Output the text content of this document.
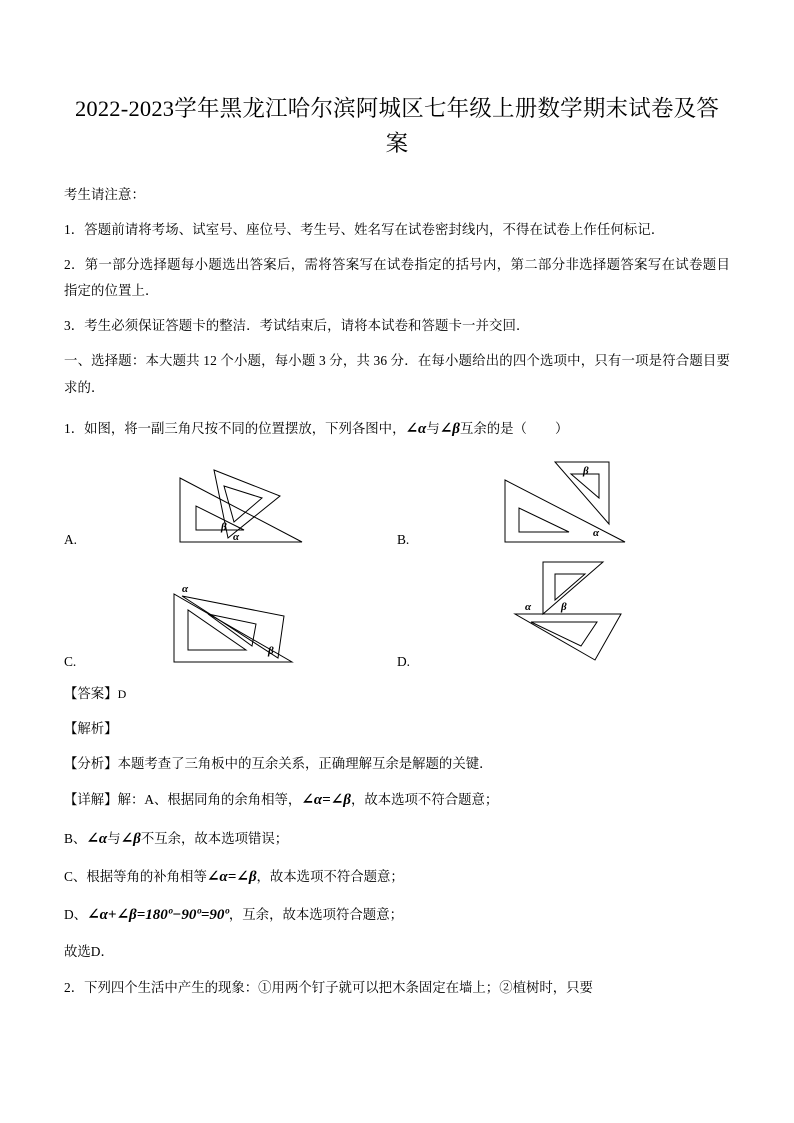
2022-2023学年黑龙江哈尔滨阿城区七年级上册数学期末试卷及答案

考生请注意：

1．答题前请将考场、试室号、座位号、考生号、姓名写在试卷密封线内，不得在试卷上作任何标记．

2．第一部分选择题每小题选出答案后，需将答案写在试卷指定的括号内，第二部分非选择题答案写在试卷题目指定的位置上．

3．考生必须保证答题卡的整洁．考试结束后，请将本试卷和答题卡一并交回．

一、选择题：本大题共 12 个小题，每小题 3 分，共 36 分．在每小题给出的四个选项中，只有一项是符合题目要求的．

1．如图，将一副三角尺按不同的位置摆放，下列各图中，∠α与∠β互余的是（ ）

A.
β
α	B.
β
α
C.
α
β
D.
α	β

【答案】D

【解析】

【分析】本题考查了三角板中的互余关系，正确理解互余是解题的关键．

【详解】解：A、根据同角的余角相等，∠α=∠β，故本选项不符合题意；

B、∠α与∠β不互余，故本选项错误；

C、根据等角的补角相等∠α=∠β，故本选项不符合题意；

D、∠α+∠β=180º−90º=90º，互余，故本选项符合题意；

故选D．

2．下列四个生活中产生的现象：①用两个钉子就可以把木条固定在墙上；②植树时，只要
